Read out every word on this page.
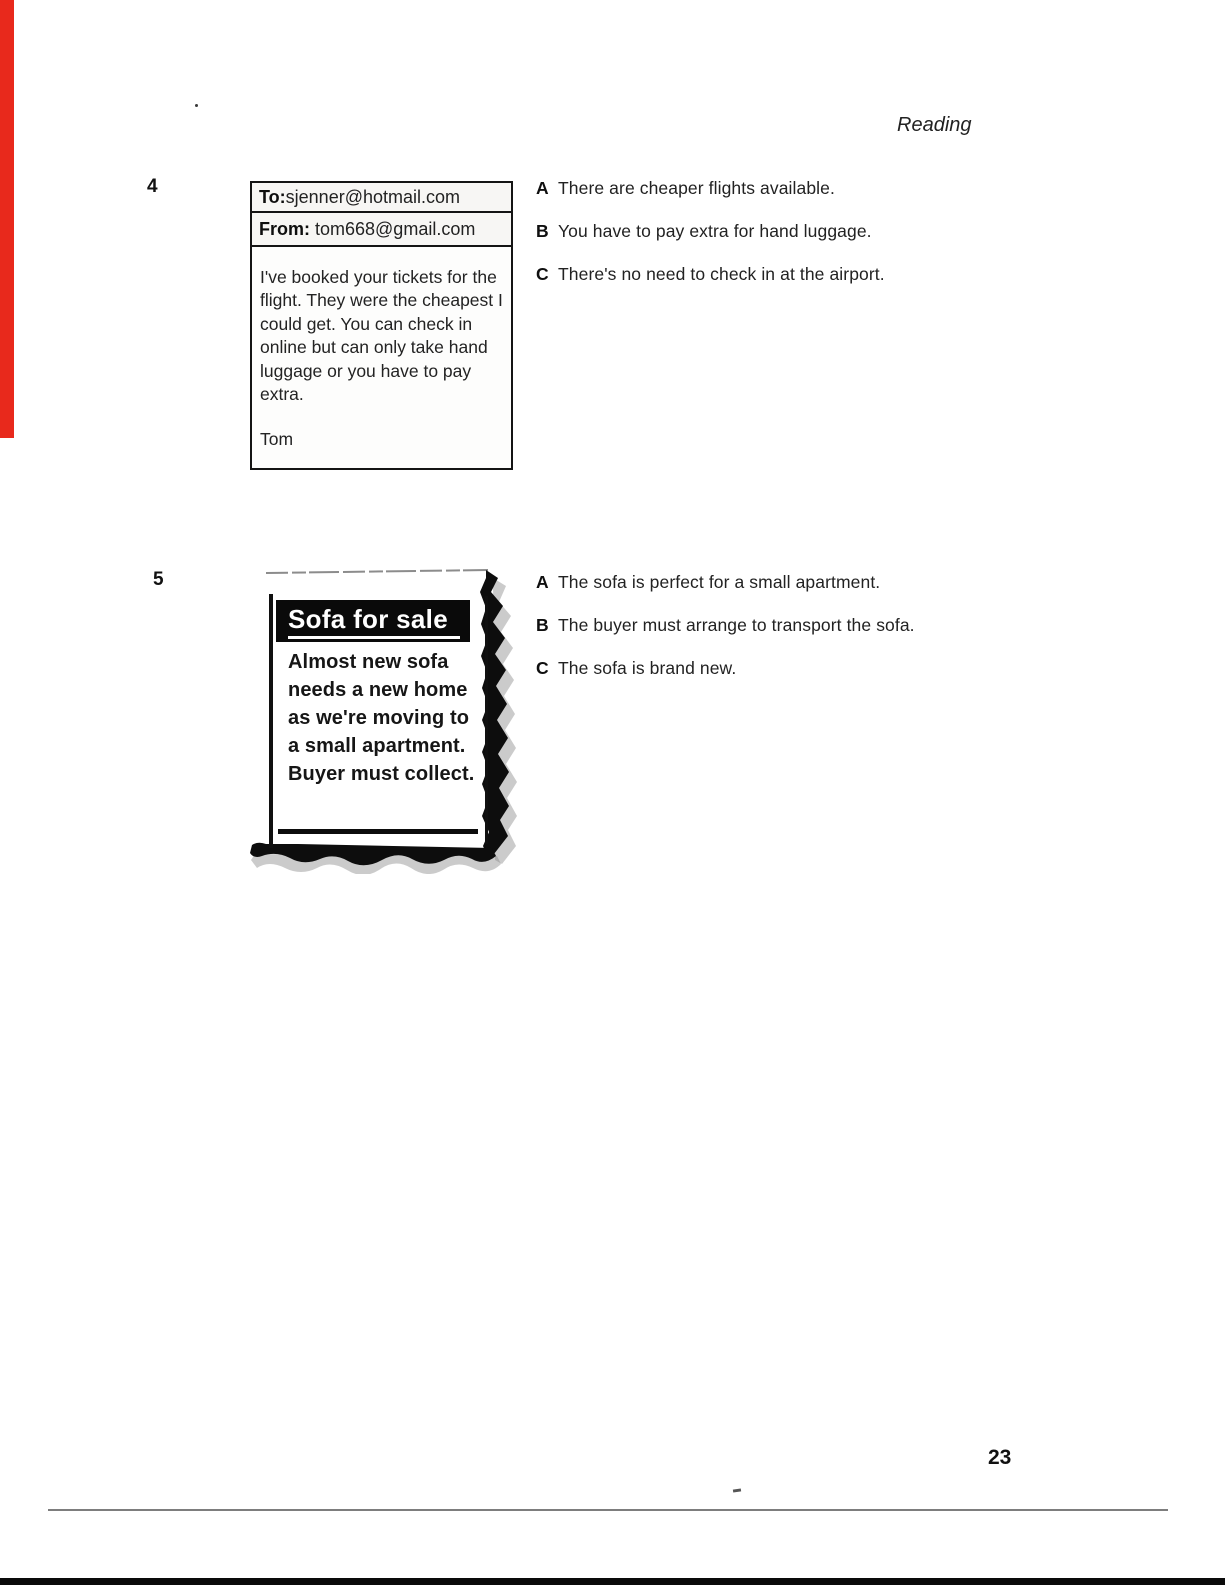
Reading
4	To:sjenner@hotmail.com
From: tom668@gmail.com
I've booked your tickets for the flight. They were the cheapest I could get. You can check in online but can only take hand luggage or you have to pay extra.
Tom
A There are cheaper flights available.
B You have to pay extra for hand luggage.
C There's no need to check in at the airport.
5
Sofa for sale
Almost new sofa needs a new home as we're moving to a small apartment. Buyer must collect.
A The sofa is perfect for a small apartment.
B The buyer must arrange to transport the sofa.
C The sofa is brand new.
23
